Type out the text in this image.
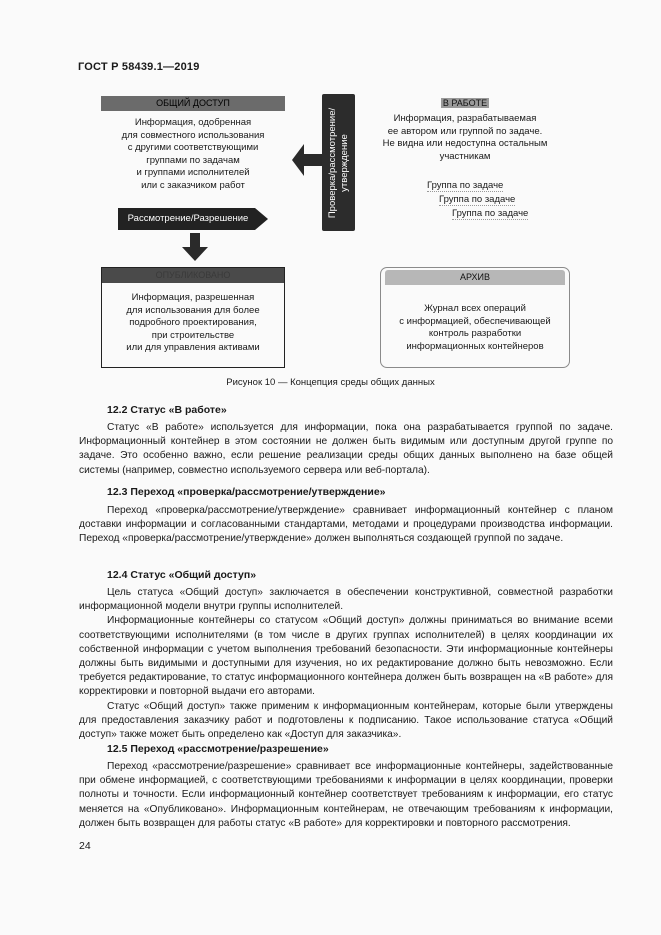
ГОСТ Р 58439.1—2019
ОБЩИЙ ДОСТУП
Информация, одобренная
для совместного использования
с другими соответствующими
группами по задачам
и группами исполнителей
или с заказчиком работ	Проверка/рассмотрение/утверждение
В РАБОТЕ
Информация, разрабатываемая
ее автором или группой по задаче.
Не видна или недоступна остальным
участникам
Группа по задаче
Группа по задаче
Группа по задаче
Рассмотрение/Разрешение
ОПУБЛИКОВАНО
Информация, разрешенная
для использования для более
подробного проектирования,
при строительстве
или для управления активами
АРХИВ
Журнал всех операций
с информацией, обеспечивающей
контроль разработки
информационных контейнеров
Рисунок 10 — Концепция среды общих данных
12.2 Статус «В работе»

Статус «В работе» используется для информации, пока она разрабатывается группой по задаче. Информационный контейнер в этом состоянии не должен быть видимым или доступным другой группе по задаче. Это особенно важно, если решение реализации среды общих данных выполнено на базе общей системы (например, совместно используемого сервера или веб-портала).

12.3 Переход «проверка/рассмотрение/утверждение»

Переход «проверка/рассмотрение/утверждение» сравнивает информационный контейнер с планом доставки информации и согласованными стандартами, методами и процедурами производства информации. Переход «проверка/рассмотрение/утверждение» должен выполняться создающей группой по задаче.

12.4 Статус «Общий доступ»

Цель статуса «Общий доступ» заключается в обеспечении конструктивной, совместной разработки информационной модели внутри группы исполнителей.

Информационные контейнеры со статусом «Общий доступ» должны приниматься во внимание всеми соответствующими исполнителями (в том числе в других группах исполнителей) в целях координации их собственной информации с учетом выполнения требований безопасности. Эти информационные контейнеры должны быть видимыми и доступными для изучения, но их редактирование должно быть невозможно. Если требуется редактирование, то статус информационного контейнера должен быть возвращен на «В работе» для корректировки и повторной выдачи его авторами.

Статус «Общий доступ» также применим к информационным контейнерам, которые были утверждены для предоставления заказчику работ и подготовлены к подписанию. Такое использование статуса «Общий доступ» также может быть определено как «Доступ для заказчика».

12.5 Переход «рассмотрение/разрешение»

Переход «рассмотрение/разрешение» сравнивает все информационные контейнеры, задействованные при обмене информацией, с соответствующими требованиями к информации в целях координации, проверки полноты и точности. Если информационный контейнер соответствует требованиям к информации, его статус меняется на «Опубликовано». Информационным контейнерам, не отвечающим требованиям к информации, должен быть возвращен для работы статус «В работе» для корректировки и повторного рассмотрения.

24
